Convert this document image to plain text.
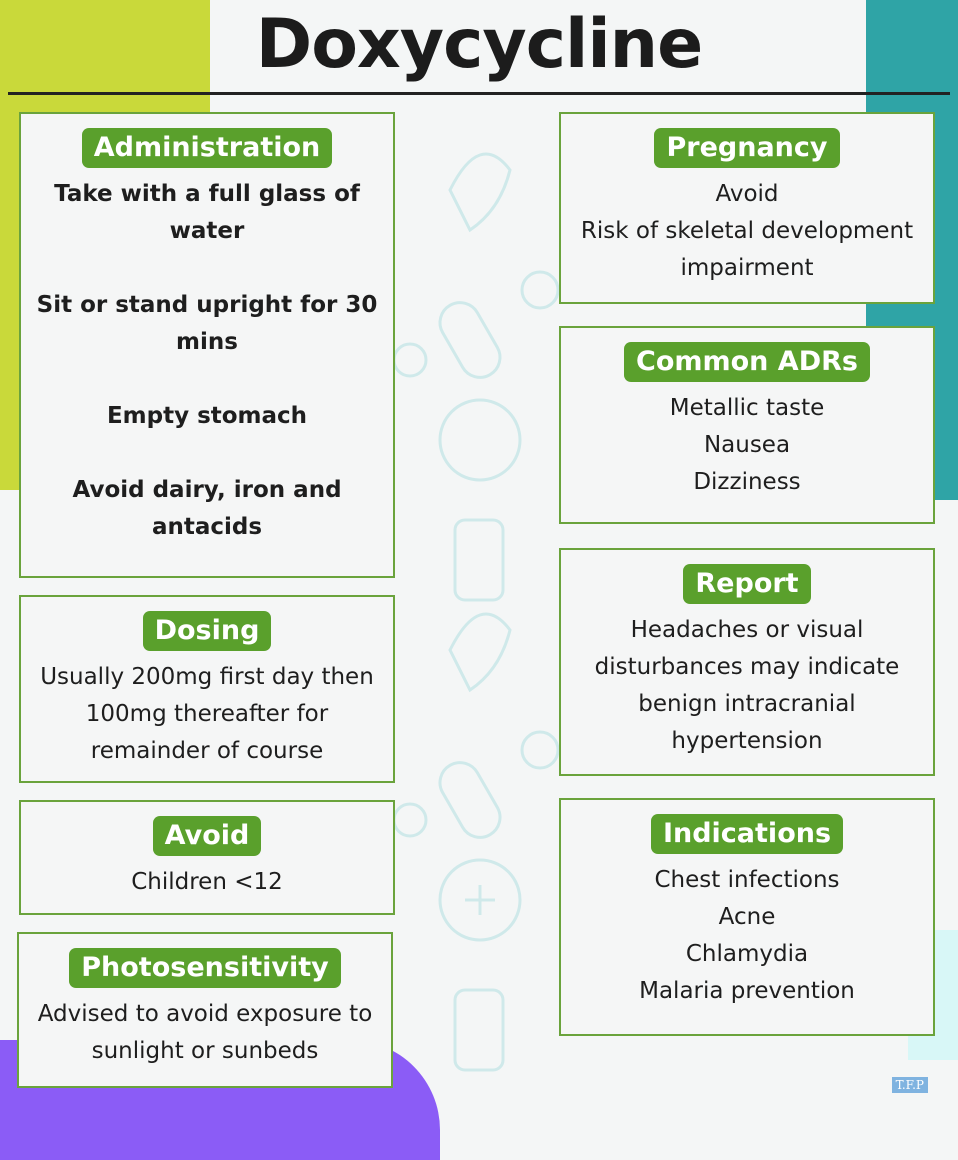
Doxycycline
Administration
Take with a full glass of
water
Sit or stand upright for 30
mins
Empty stomach
Avoid dairy, iron and
antacids
Dosing
Usually 200mg first day then
100mg thereafter for
remainder of course
Avoid
Children <12
Photosensitivity
Advised to avoid exposure to
sunlight or sunbeds
Pregnancy
Avoid
Risk of skeletal development
impairment
Common ADRs
Metallic taste
Nausea
Dizziness
Report
Headaches or visual
disturbances may indicate
benign intracranial
hypertension
Indications
Chest infections
Acne
Chlamydia
Malaria prevention
T.F.P
